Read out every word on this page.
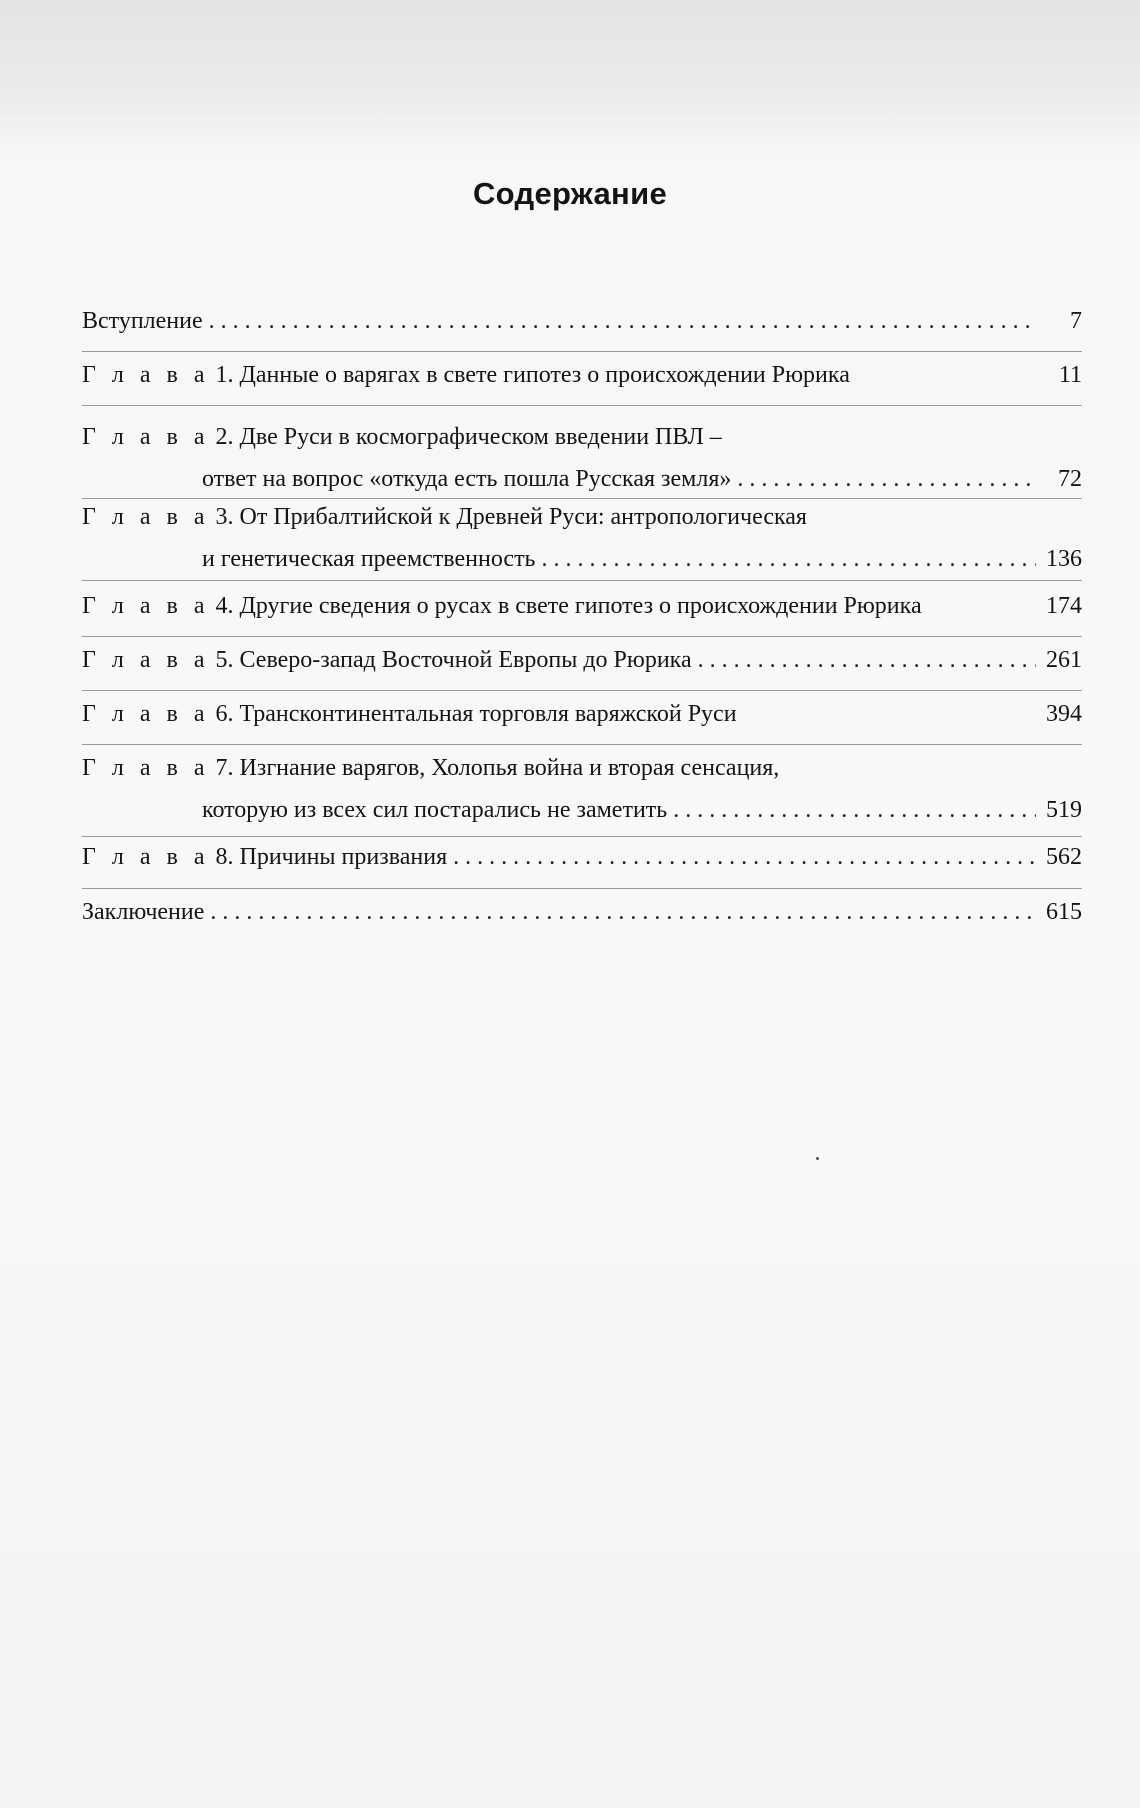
Содержание
Вступление . . .	7
Г л а в а 1. Данные о варягах в свете гипотез о происхождении Рюрика	11
Г л а в а 2. Две Руси в космографическом введении ПВЛ –
ответ на вопрос «откуда есть пошла Русская земля» . . .	72
Г л а в а 3. От Прибалтийской к Древней Руси: антропологическая
и генетическая преемственность . . .	136
Г л а в а 4. Другие сведения о русах в свете гипотез о происхождении Рюрика	174
Г л а в а 5. Северо-запад Восточной Европы до Рюрика . . .	261
Г л а в а 6. Трансконтинентальная торговля варяжской Руси	394
Г л а в а 7. Изгнание варягов, Холопья война и вторая сенсация,
которую из всех сил постарались не заметить . . .	519
Г л а в а 8. Причины призвания . . .	562
Заключение . . .	615
